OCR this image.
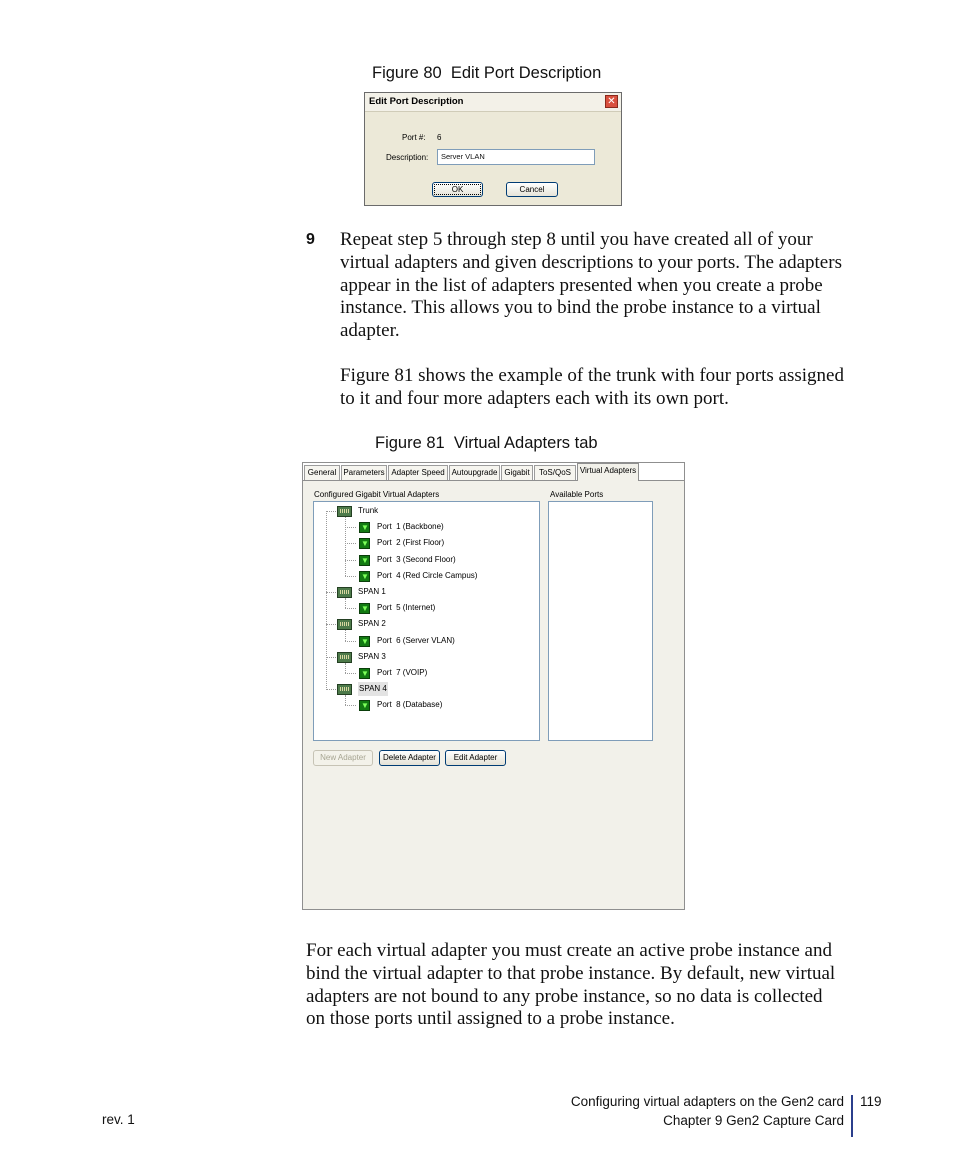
Figure 80  Edit Port Description
Edit Port Description	✕
Port #: 6
Description:	Server VLAN
OK	Cancel
9 Repeat step 5 through step 8 until you have created all of your
virtual adapters and given descriptions to your ports. The adapters
appear in the list of adapters presented when you create a probe
instance. This allows you to bind the probe instance to a virtual
adapter.
Figure 81 shows the example of the trunk with four ports assigned
to it and four more adapters each with its own port.
Figure 81  Virtual Adapters tab
General Parameters Adapter Speed Autoupgrade Gigabit	ToS/QoS	Virtual Adapters
Configured Gigabit Virtual Adapters	Available Ports
Trunk
▼
Port  1 (Backbone)
▼
Port  2 (First Floor)
▼
Port  3 (Second Floor)
▼
Port  4 (Red Circle Campus)
SPAN 1
▼
Port  5 (Internet)
SPAN 2
▼
Port  6 (Server VLAN)
SPAN 3
▼
Port  7 (VOIP)
SPAN 4
▼
Port  8 (Database)
New Adapter	Delete Adapter	Edit Adapter
For each virtual adapter you must create an active probe instance and
bind the virtual adapter to that probe instance. By default, new virtual
adapters are not bound to any probe instance, so no data is collected
on those ports until assigned to a probe instance.
rev. 1
Configuring virtual adapters on the Gen2 card
Chapter 9 Gen2 Capture Card
119
